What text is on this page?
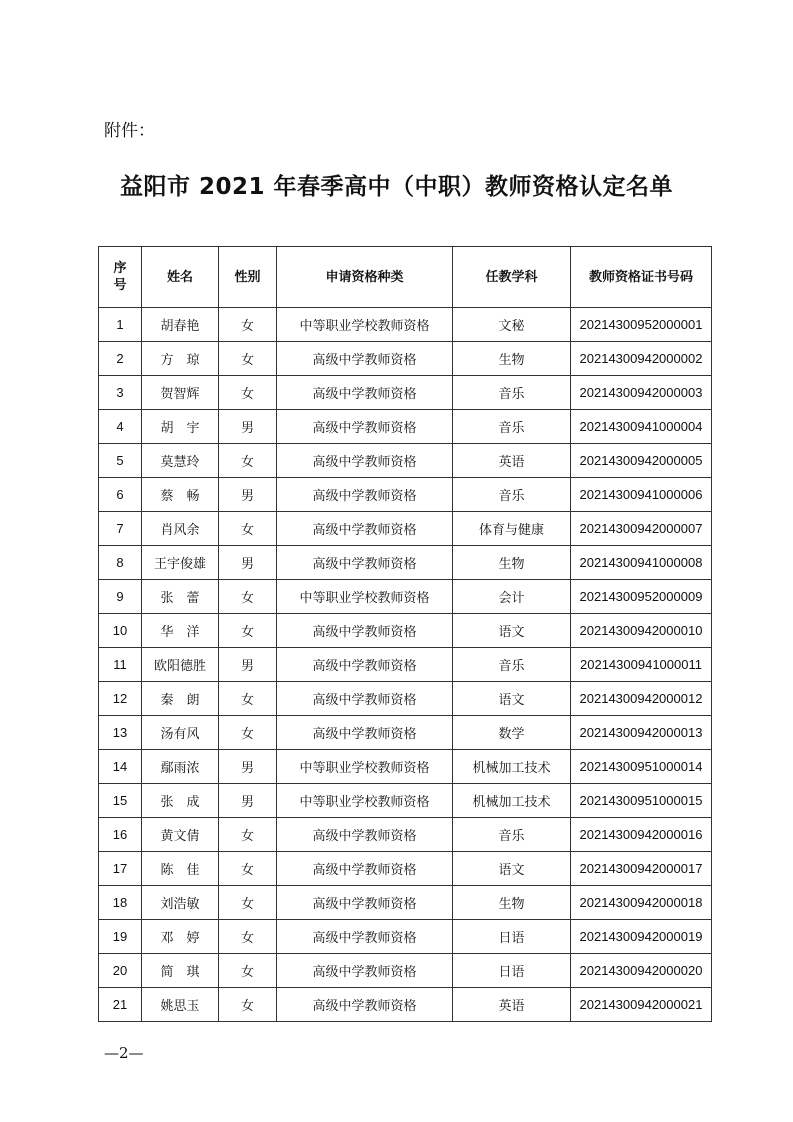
附件：
益阳市 2021 年春季高中（中职）教师资格认定名单
序
号	姓名	性别	申请资格种类	任教学科	教师资格证书号码
1	胡春艳	女	中等职业学校教师资格	文秘	20214300952000001
2	方　琼	女	高级中学教师资格	生物	20214300942000002
3	贺智辉	女	高级中学教师资格	音乐	20214300942000003
4	胡　宇	男	高级中学教师资格	音乐	20214300941000004
5	莫慧玲	女	高级中学教师资格	英语	20214300942000005
6	蔡　畅	男	高级中学教师资格	音乐	20214300941000006
7	肖风余	女	高级中学教师资格	体育与健康	20214300942000007
8	王宇俊雄	男	高级中学教师资格	生物	20214300941000008
9	张　蕾	女	中等职业学校教师资格	会计	20214300952000009
10	华　洋	女	高级中学教师资格	语文	20214300942000010
11	欧阳德胜	男	高级中学教师资格	音乐	20214300941000011
12	秦　朗	女	高级中学教师资格	语文	20214300942000012
13	汤有风	女	高级中学教师资格	数学	20214300942000013
14	鄢雨浓	男	中等职业学校教师资格	机械加工技术	20214300951000014
15	张　成	男	中等职业学校教师资格	机械加工技术	20214300951000015
16	黄文倩	女	高级中学教师资格	音乐	20214300942000016
17	陈　佳	女	高级中学教师资格	语文	20214300942000017
18	刘浩敏	女	高级中学教师资格	生物	20214300942000018
19	邓　婷	女	高级中学教师资格	日语	20214300942000019
20	简　琪	女	高级中学教师资格	日语	20214300942000020
21	姚思玉	女	高级中学教师资格	英语	20214300942000021
—2—
